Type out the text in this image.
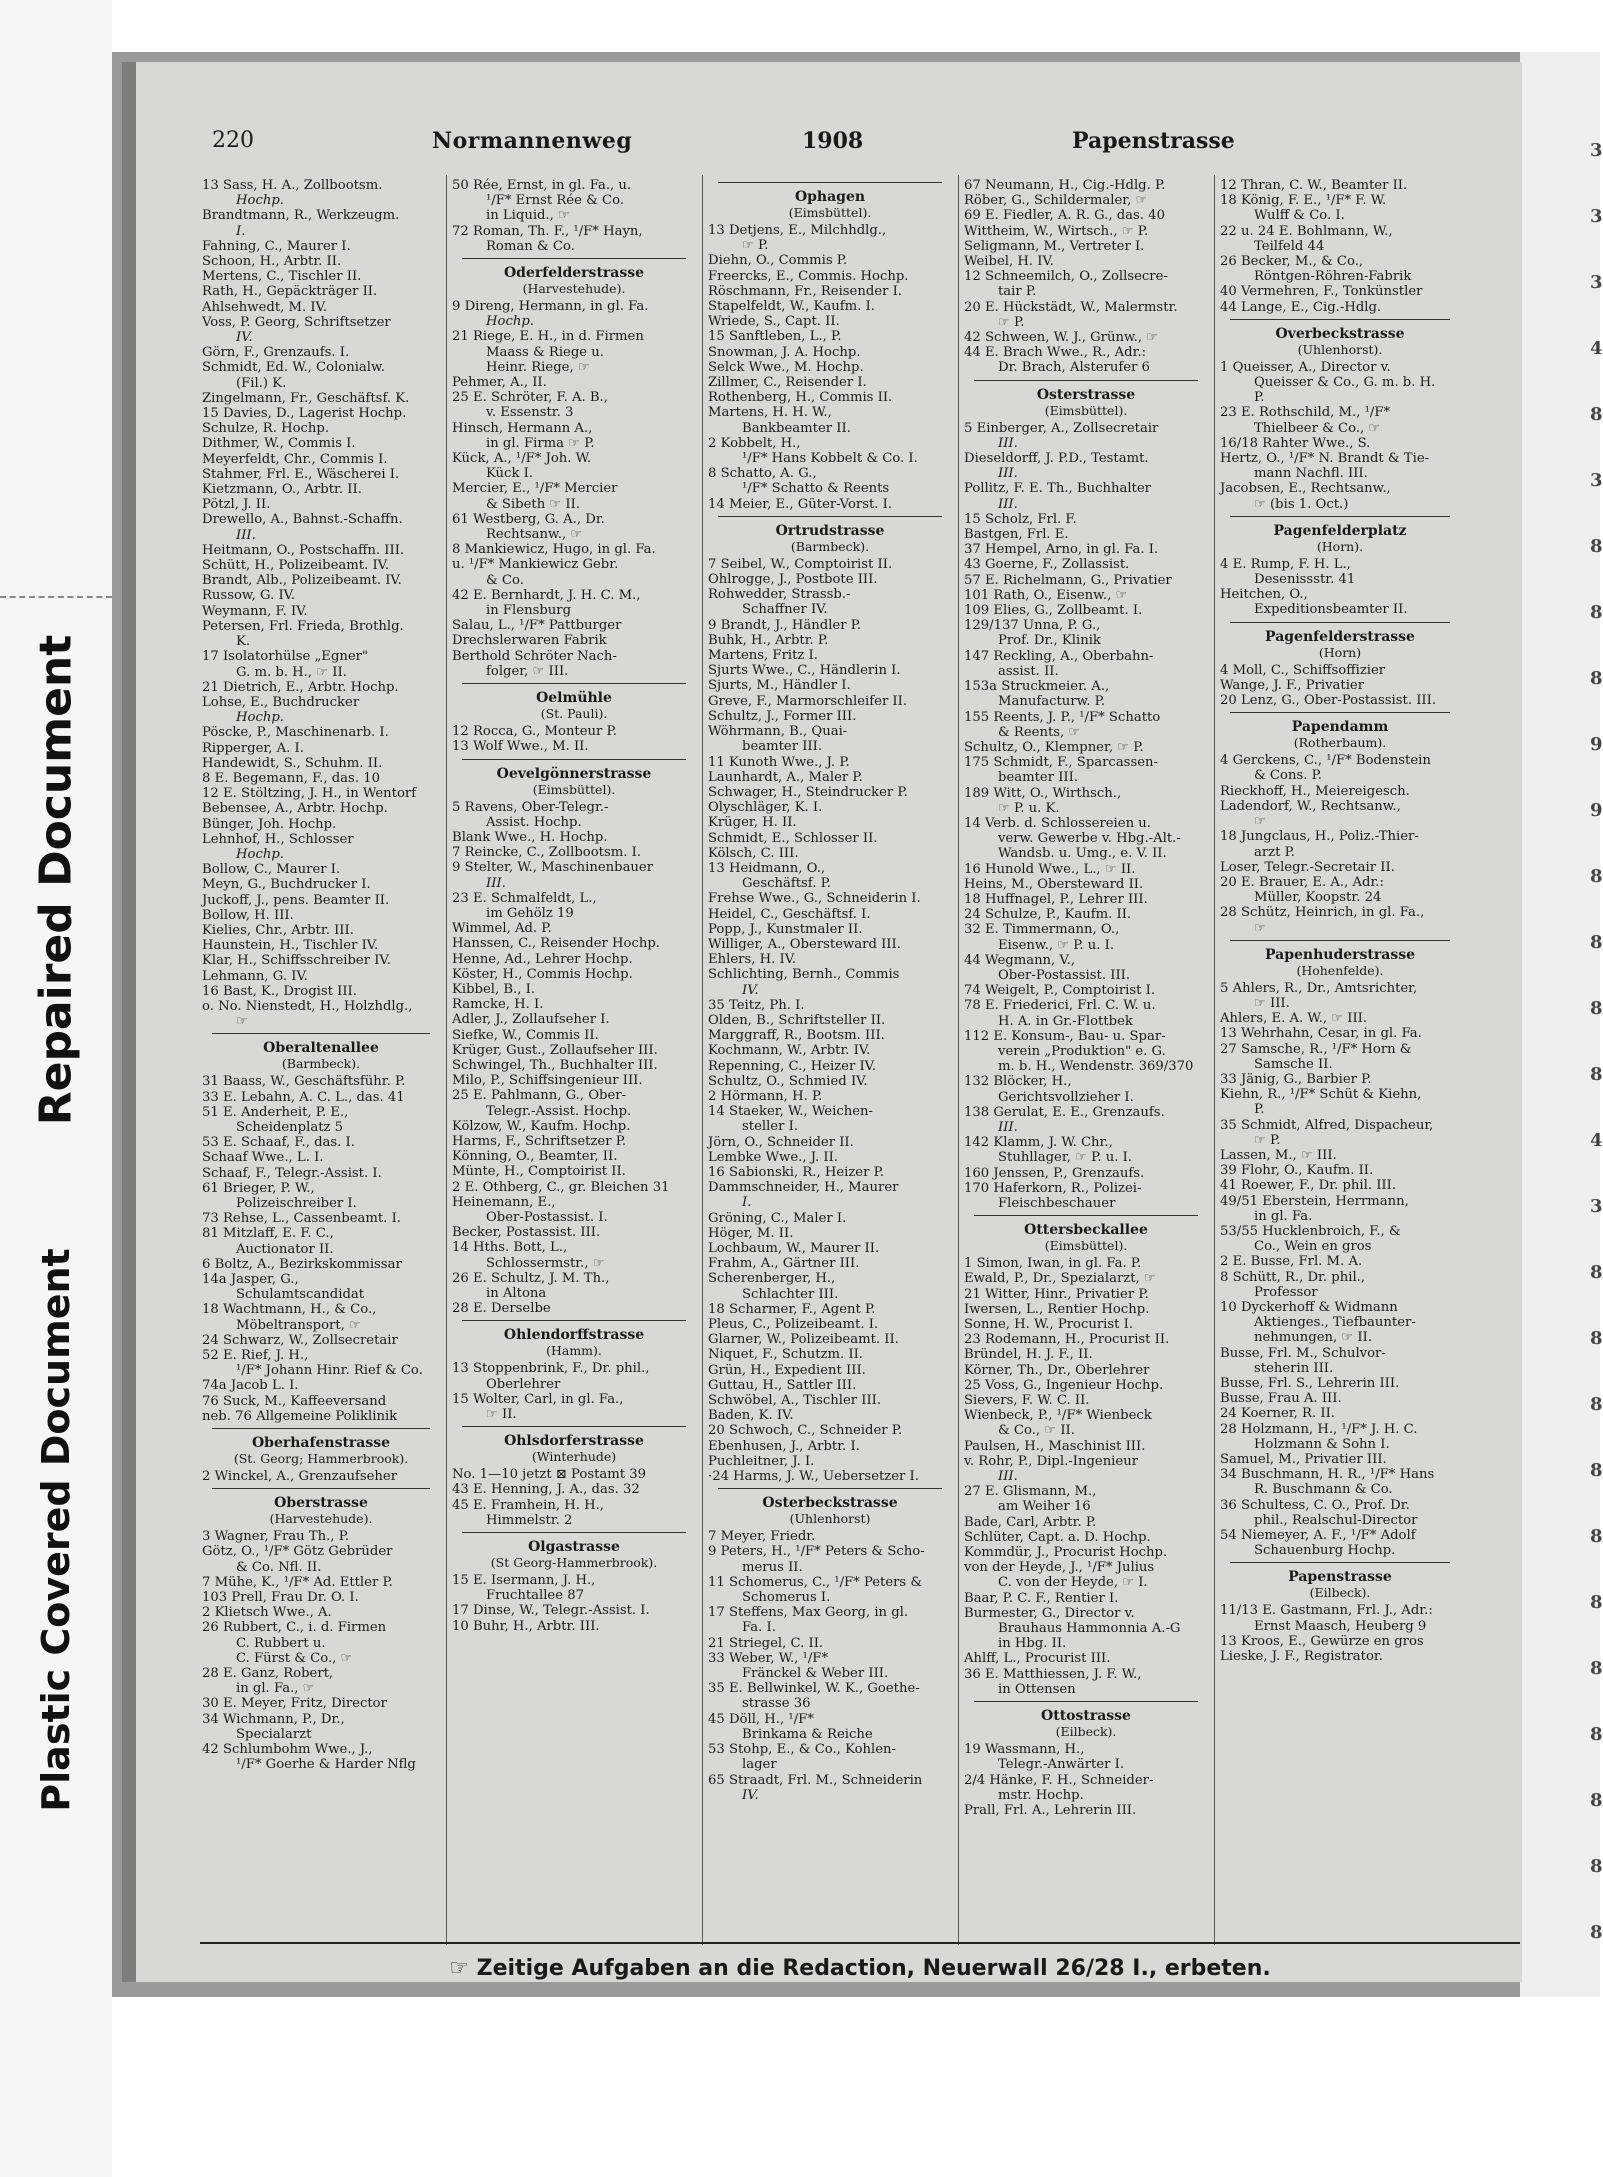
Repaired Document
Plastic Covered Document
3
3
3
4
8
3
8
8
8
9
9
8
8
8
8
4
3
8
8
8
8
8
8
8
8
8
8
8
220	Normannenweg	1908	Papenstrasse
13 Sass, H. A., Zollbootsm.
Hochp.
Brandtmann, R., Werkzeugm.
I.
Fahning, C., Maurer I.
Schoon, H., Arbtr. II.
Mertens, C., Tischler II.
Rath, H., Gepäckträger II.
Ahlsehwedt, M. IV.
Voss, P. Georg, Schriftsetzer
IV.
Görn, F., Grenzaufs. I.
Schmidt, Ed. W., Colonialw.
(Fil.) K.
Zingelmann, Fr., Geschäftsf. K.
15 Davies, D., Lagerist Hochp.
Schulze, R. Hochp.
Dithmer, W., Commis I.
Meyerfeldt, Chr., Commis I.
Stahmer, Frl. E., Wäscherei I.
Kietzmann, O., Arbtr. II.
Pötzl, J. II.
Drewello, A., Bahnst.-Schaffn.
III.
Heitmann, O., Postschaffn. III.
Schütt, H., Polizeibeamt. IV.
Brandt, Alb., Polizeibeamt. IV.
Russow, G. IV.
Weymann, F. IV.
Petersen, Frl. Frieda, Brothlg.
K.
17 Isolatorhülse „Egner"
G. m. b. H., ☞ II.
21 Dietrich, E., Arbtr. Hochp.
Lohse, E., Buchdrucker
Hochp.
Pöscke, P., Maschinenarb. I.
Ripperger, A. I.
Handewidt, S., Schuhm. II.
8 E. Begemann, F., das. 10
12 E. Stöltzing, J. H., in Wentorf
Bebensee, A., Arbtr. Hochp.
Bünger, Joh. Hochp.
Lehnhof, H., Schlosser
Hochp.
Bollow, C., Maurer I.
Meyn, G., Buchdrucker I.
Juckoff, J., pens. Beamter II.
Bollow, H. III.
Kielies, Chr., Arbtr. III.
Haunstein, H., Tischler IV.
Klar, H., Schiffsschreiber IV.
Lehmann, G. IV.
16 Bast, K., Drogist III.
o. No. Nienstedt, H., Holzhdlg.,
☞
Oberaltenallee
(Barmbeck).
31 Baass, W., Geschäftsführ. P.
33 E. Lebahn, A. C. L., das. 41
51 E. Anderheit, P. E.,
Scheidenplatz 5
53 E. Schaaf, F., das. I.
Schaaf Wwe., L. I.
Schaaf, F., Telegr.-Assist. I.
61 Brieger, P. W.,
Polizeischreiber I.
73 Rehse, L., Cassenbeamt. I.
81 Mitzlaff, E. F. C.,
Auctionator II.
6 Boltz, A., Bezirkskommissar
14a Jasper, G.,
Schulamtscandidat
18 Wachtmann, H., & Co.,
Möbeltransport, ☞
24 Schwarz, W., Zollsecretair
52 E. Rief, J. H.,
¹/F* Johann Hinr. Rief & Co.
74a Jacob L. I.
76 Suck, M., Kaffeeversand
neb. 76 Allgemeine Poliklinik
Oberhafenstrasse
(St. Georg; Hammerbrook).
2 Winckel, A., Grenzaufseher
Oberstrasse
(Harvestehude).
3 Wagner, Frau Th., P.
Götz, O., ¹/F* Götz Gebrüder
& Co. Nfl. II.
7 Mühe, K., ¹/F* Ad. Ettler P.
103 Prell, Frau Dr. O. I.
2 Klietsch Wwe., A.
26 Rubbert, C., i. d. Firmen
C. Rubbert u.
C. Fürst & Co., ☞
28 E. Ganz, Robert,
in gl. Fa., ☞
30 E. Meyer, Fritz, Director
34 Wichmann, P., Dr.,
Specialarzt
42 Schlumbohm Wwe., J.,
¹/F* Goerhe & Harder Nflg
50 Rée, Ernst, in gl. Fa., u.
¹/F* Ernst Rée & Co.
in Liquid., ☞
72 Roman, Th. F., ¹/F* Hayn,
Roman & Co.
Oderfelderstrasse
(Harvestehude).
9 Direng, Hermann, in gl. Fa.
Hochp.
21 Riege, E. H., in d. Firmen
Maass & Riege u.
Heinr. Riege, ☞
Pehmer, A., II.
25 E. Schröter, F. A. B.,
v. Essenstr. 3
Hinsch, Hermann A.,
in gl. Firma ☞ P.
Kück, A., ¹/F* Joh. W.
Kück I.
Mercier, E., ¹/F* Mercier
& Sibeth ☞ II.
61 Westberg, G. A., Dr.
Rechtsanw., ☞
8 Mankiewicz, Hugo, in gl. Fa.
u. ¹/F* Mankiewicz Gebr.
& Co.
42 E. Bernhardt, J. H. C. M.,
in Flensburg
Salau, L., ¹/F* Pattburger
Drechslerwaren Fabrik
Berthold Schröter Nach-
folger, ☞ III.
Oelmühle
(St. Pauli).
12 Rocca, G., Monteur P.
13 Wolf Wwe., M. II.
Oevelgönnerstrasse
(Eimsbüttel).
5 Ravens, Ober-Telegr.-
Assist. Hochp.
Blank Wwe., H. Hochp.
7 Reincke, C., Zollbootsm. I.
9 Stelter, W., Maschinenbauer
III.
23 E. Schmalfeldt, L.,
im Gehölz 19
Wimmel, Ad. P.
Hanssen, C., Reisender Hochp.
Henne, Ad., Lehrer Hochp.
Köster, H., Commis Hochp.
Kibbel, B., I.
Ramcke, H. I.
Adler, J., Zollaufseher I.
Siefke, W., Commis II.
Krüger, Gust., Zollaufseher III.
Schwingel, Th., Buchhalter III.
Milo, P., Schiffsingenieur III.
25 E. Pahlmann, G., Ober-
Telegr.-Assist. Hochp.
Kölzow, W., Kaufm. Hochp.
Harms, F., Schriftsetzer P.
Könning, O., Beamter, II.
Münte, H., Comptoirist II.
2 E. Othberg, C., gr. Bleichen 31
Heinemann, E.,
Ober-Postassist. I.
Becker, Postassist. III.
14 Hths. Bott, L.,
Schlossermstr., ☞
26 E. Schultz, J. M. Th.,
in Altona
28 E. Derselbe
Ohlendorffstrasse
(Hamm).
13 Stoppenbrink, F., Dr. phil.,
Oberlehrer
15 Wolter, Carl, in gl. Fa.,
☞ II.
Ohlsdorferstrasse
(Winterhude)
No. 1—10 jetzt ⊠ Postamt 39
43 E. Henning, J. A., das. 32
45 E. Framhein, H. H.,
Himmelstr. 2
Olgastrasse
(St Georg-Hammerbrook).
15 E. Isermann, J. H.,
Fruchtallee 87
17 Dinse, W., Telegr.-Assist. I.
10 Buhr, H., Arbtr. III.
Ophagen
(Eimsbüttel).
13 Detjens, E., Milchhdlg.,
☞ P.
Diehn, O., Commis P.
Freercks, E., Commis. Hochp.
Röschmann, Fr., Reisender I.
Stapelfeldt, W., Kaufm. I.
Wriede, S., Capt. II.
15 Sanftleben, L., P.
Snowman, J. A. Hochp.
Selck Wwe., M. Hochp.
Zillmer, C., Reisender I.
Rothenberg, H., Commis II.
Martens, H. H. W.,
Bankbeamter II.
2 Kobbelt, H.,
¹/F* Hans Kobbelt & Co. I.
8 Schatto, A. G.,
¹/F* Schatto & Reents
14 Meier, E., Güter-Vorst. I.
Ortrudstrasse
(Barmbeck).
7 Seibel, W., Comptoirist II.
Ohlrogge, J., Postbote III.
Rohwedder, Strassb.-
Schaffner IV.
9 Brandt, J., Händler P.
Buhk, H., Arbtr. P.
Martens, Fritz I.
Sjurts Wwe., C., Händlerin I.
Sjurts, M., Händler I.
Greve, F., Marmorschleifer II.
Schultz, J., Former III.
Wöhrmann, B., Quai-
beamter III.
11 Kunoth Wwe., J. P.
Launhardt, A., Maler P.
Schwager, H., Steindrucker P.
Olyschläger, K. I.
Krüger, H. II.
Schmidt, E., Schlosser II.
Kölsch, C. III.
13 Heidmann, O.,
Geschäftsf. P.
Frehse Wwe., G., Schneiderin I.
Heidel, C., Geschäftsf. I.
Popp, J., Kunstmaler II.
Williger, A., Obersteward III.
Ehlers, H. IV.
Schlichting, Bernh., Commis
IV.
35 Teitz, Ph. I.
Olden, B., Schriftsteller II.
Marggraff, R., Bootsm. III.
Kochmann, W., Arbtr. IV.
Repenning, C., Heizer IV.
Schultz, O., Schmied IV.
2 Hörmann, H. P.
14 Staeker, W., Weichen-
steller I.
Jörn, O., Schneider II.
Lembke Wwe., J. II.
16 Sabionski, R., Heizer P.
Dammschneider, H., Maurer
I.
Gröning, C., Maler I.
Höger, M. II.
Lochbaum, W., Maurer II.
Frahm, A., Gärtner III.
Scherenberger, H.,
Schlachter III.
18 Scharmer, F., Agent P.
Pleus, C., Polizeibeamt. I.
Glarner, W., Polizeibeamt. II.
Niquet, F., Schutzm. II.
Grün, H., Expedient III.
Guttau, H., Sattler III.
Schwöbel, A., Tischler III.
Baden, K. IV.
20 Schwoch, C., Schneider P.
Ebenhusen, J., Arbtr. I.
Puchleitner, J. I.
·24 Harms, J. W., Uebersetzer I.
Osterbeckstrasse
(Uhlenhorst)
7 Meyer, Friedr.
9 Peters, H., ¹/F* Peters & Scho-
merus II.
11 Schomerus, C., ¹/F* Peters &
Schomerus I.
17 Steffens, Max Georg, in gl.
Fa. I.
21 Striegel, C. II.
33 Weber, W., ¹/F*
Fränckel & Weber III.
35 E. Bellwinkel, W. K., Goethe-
strasse 36
45 Döll, H., ¹/F*
Brinkama & Reiche
53 Stohp, E., & Co., Kohlen-
lager
65 Straadt, Frl. M., Schneiderin
IV.
67 Neumann, H., Cig.-Hdlg. P.
Röber, G., Schildermaler, ☞
69 E. Fiedler, A. R. G., das. 40
Wittheim, W., Wirtsch., ☞ P.
Seligmann, M., Vertreter I.
Weibel, H. IV.
12 Schneemilch, O., Zollsecre-
tair P.
20 E. Hückstädt, W., Malermstr.
☞ P.
42 Schween, W. J., Grünw., ☞
44 E. Brach Wwe., R., Adr.:
Dr. Brach, Alsterufer 6
Osterstrasse
(Eimsbüttel).
5 Einberger, A., Zollsecretair
III.
Dieseldorff, J. P.D., Testamt.
III.
Pollitz, F. E. Th., Buchhalter
III.
15 Scholz, Frl. F.
Bastgen, Frl. E.
37 Hempel, Arno, in gl. Fa. I.
43 Goerne, F., Zollassist.
57 E. Richelmann, G., Privatier
101 Rath, O., Eisenw., ☞
109 Elies, G., Zollbeamt. I.
129/137 Unna, P. G.,
Prof. Dr., Klinik
147 Reckling, A., Oberbahn-
assist. II.
153a Struckmeier. A.,
Manufacturw. P.
155 Reents, J. P., ¹/F* Schatto
& Reents, ☞
Schultz, O., Klempner, ☞ P.
175 Schmidt, F., Sparcassen-
beamter III.
189 Witt, O., Wirthsch.,
☞ P. u. K.
14 Verb. d. Schlossereien u.
verw. Gewerbe v. Hbg.-Alt.-
Wandsb. u. Umg., e. V. II.
16 Hunold Wwe., L., ☞ II.
Heins, M., Obersteward II.
18 Huffnagel, P., Lehrer III.
24 Schulze, P., Kaufm. II.
32 E. Timmermann, O.,
Eisenw., ☞ P. u. I.
44 Wegmann, V.,
Ober-Postassist. III.
74 Weigelt, P., Comptoirist I.
78 E. Friederici, Frl. C. W. u.
H. A. in Gr.-Flottbek
112 E. Konsum-, Bau- u. Spar-
verein „Produktion" e. G.
m. b. H., Wendenstr. 369/370
132 Blöcker, H.,
Gerichtsvollzieher I.
138 Gerulat, E. E., Grenzaufs.
III.
142 Klamm, J. W. Chr.,
Stuhllager, ☞ P. u. I.
160 Jenssen, P., Grenzaufs.
170 Haferkorn, R., Polizei-
Fleischbeschauer
Ottersbeckallee
(Eimsbüttel).
1 Simon, Iwan, in gl. Fa. P.
Ewald, P., Dr., Spezialarzt, ☞
21 Witter, Hinr., Privatier P.
Iwersen, L., Rentier Hochp.
Sonne, H. W., Procurist I.
23 Rodemann, H., Procurist II.
Bründel, H. J. F., II.
Körner, Th., Dr., Oberlehrer
25 Voss, G., Ingenieur Hochp.
Sievers, F. W. C. II.
Wienbeck, P., ¹/F* Wienbeck
& Co., ☞ II.
Paulsen, H., Maschinist III.
v. Rohr, P., Dipl.-Ingenieur
III.
27 E. Glismann, M.,
am Weiher 16
Bade, Carl, Arbtr. P.
Schlüter, Capt. a. D. Hochp.
Kommdür, J., Procurist Hochp.
von der Heyde, J., ¹/F* Julius
C. von der Heyde, ☞ I.
Baar, P. C. F., Rentier I.
Burmester, G., Director v.
Brauhaus Hammonnia A.-G
in Hbg. II.
Ahlff, L., Procurist III.
36 E. Matthiessen, J. F. W.,
in Ottensen
Ottostrasse
(Eilbeck).
19 Wassmann, H.,
Telegr.-Anwärter I.
2/4 Hänke, F. H., Schneider-
mstr. Hochp.
Prall, Frl. A., Lehrerin III.
12 Thran, C. W., Beamter II.
18 König, F. E., ¹/F* F. W.
Wulff & Co. I.
22 u. 24 E. Bohlmann, W.,
Teilfeld 44
26 Becker, M., & Co.,
Röntgen-Röhren-Fabrik
40 Vermehren, F., Tonkünstler
44 Lange, E., Cig.-Hdlg.
Overbeckstrasse
(Uhlenhorst).
1 Queisser, A., Director v.
Queisser & Co., G. m. b. H.
P.
23 E. Rothschild, M., ¹/F*
Thielbeer & Co., ☞
16/18 Rahter Wwe., S.
Hertz, O., ¹/F* N. Brandt & Tie-
mann Nachfl. III.
Jacobsen, E., Rechtsanw.,
☞ (bis 1. Oct.)
Pagenfelderplatz
(Horn).
4 E. Rump, F. H. L.,
Desenissstr. 41
Heitchen, O.,
Expeditionsbeamter II.
Pagenfelderstrasse
(Horn)
4 Moll, C., Schiffsoffizier
Wange, J. F., Privatier
20 Lenz, G., Ober-Postassist. III.
Papendamm
(Rotherbaum).
4 Gerckens, C., ¹/F* Bodenstein
& Cons. P.
Rieckhoff, H., Meiereigesch.
Ladendorf, W., Rechtsanw.,
☞
18 Jungclaus, H., Poliz.-Thier-
arzt P.
Loser, Telegr.-Secretair II.
20 E. Brauer, E. A., Adr.:
Müller, Koopstr. 24
28 Schütz, Heinrich, in gl. Fa.,
☞
Papenhuderstrasse
(Hohenfelde).
5 Ahlers, R., Dr., Amtsrichter,
☞ III.
Ahlers, E. A. W., ☞ III.
13 Wehrhahn, Cesar, in gl. Fa.
27 Samsche, R., ¹/F* Horn &
Samsche II.
33 Jänig, G., Barbier P.
Kiehn, R., ¹/F* Schüt & Kiehn,
P.
35 Schmidt, Alfred, Dispacheur,
☞ P.
Lassen, M., ☞ III.
39 Flohr, O., Kaufm. II.
41 Roewer, F., Dr. phil. III.
49/51 Eberstein, Herrmann,
in gl. Fa.
53/55 Hucklenbroich, F., &
Co., Wein en gros
2 E. Busse, Frl. M. A.
8 Schütt, R., Dr. phil.,
Professor
10 Dyckerhoff & Widmann
Aktienges., Tiefbaunter-
nehmungen, ☞ II.
Busse, Frl. M., Schulvor-
steherin III.
Busse, Frl. S., Lehrerin III.
Busse, Frau A. III.
24 Koerner, R. II.
28 Holzmann, H., ¹/F* J. H. C.
Holzmann & Sohn I.
Samuel, M., Privatier III.
34 Buschmann, H. R., ¹/F* Hans
R. Buschmann & Co.
36 Schultess, C. O., Prof. Dr.
phil., Realschul-Director
54 Niemeyer, A. F., ¹/F* Adolf
Schauenburg Hochp.
Papenstrasse
(Eilbeck).
11/13 E. Gastmann, Frl. J., Adr.:
Ernst Maasch, Heuberg 9
13 Kroos, E., Gewürze en gros
Lieske, J. F., Registrator.
☞ Zeitige Aufgaben an die Redaction, Neuerwall 26/28 I., erbeten.
